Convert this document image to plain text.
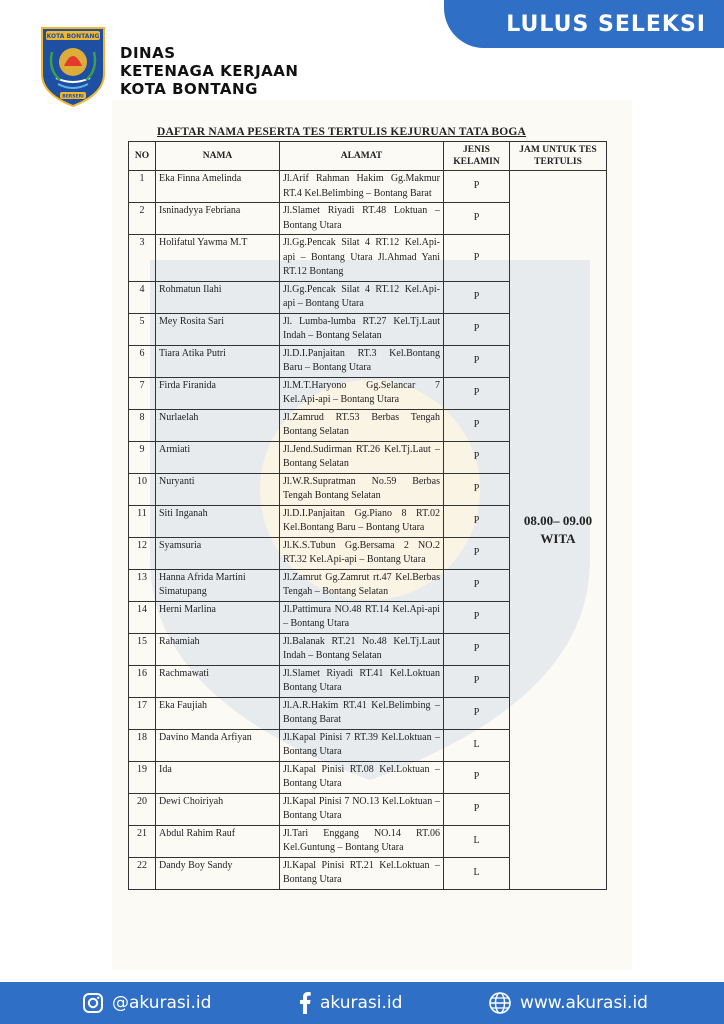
LULUS SELEKSI
KOTA BONTANG
BERSERI
DINAS
KETENAGA KERJAAN
KOTA BONTANG
DAFTAR NAMA PESERTA TES TERTULIS KEJURUAN TATA BOGA
NO	NAMA	ALAMAT	JENIS KELAMIN	JAM UNTUK TES TERTULIS
1	Eka Finna Amelinda	Jl.Arif Rahman Hakim Gg.Makmur RT.4 Kel.Belimbing – Bontang Barat	P	08.00– 09.00 WITA
2	Isninadyya Febriana	Jl.Slamet Riyadi RT.48 Loktuan – Bontang Utara	P	
3	Holifatul Yawma M.T	Jl.Gg.Pencak Silat 4 RT.12 Kel.Api-api – Bontang Utara Jl.Ahmad Yani RT.12 Bontang	P	
4	Rohmatun Ilahi	Jl.Gg.Pencak Silat 4 RT.12 Kel.Api-api – Bontang Utara	P	
5	Mey Rosita Sari	Jl. Lumba-lumba RT.27 Kel.Tj.Laut Indah – Bontang Selatan	P	
6	Tiara Atika Putri	Jl.D.I.Panjaitan RT.3 Kel.Bontang Baru – Bontang Utara	P	
7	Firda Firanida	Jl.M.T.Haryono Gg.Selancar 7 Kel.Api-api – Bontang Utara	P	
8	Nurlaelah	Jl.Zamrud RT.53 Berbas Tengah Bontang Selatan	P	
9	Armiati	Jl.Jend.Sudirman RT.26 Kel.Tj.Laut – Bontang Selatan	P	
10	Nuryanti	Jl.W.R.Supratman No.59 Berbas Tengah Bontang Selatan	P	
11	Siti Inganah	Jl.D.I.Panjaitan Gg.Piano 8 RT.02 Kel.Bontang Baru – Bontang Utara	P	
12	Syamsuria	Jl.K.S.Tubun Gg.Bersama 2 NO.2 RT.32 Kel.Api-api – Bontang Utara	P	
13	Hanna Afrida Martini Simatupang	Jl.Zamrut Gg.Zamrut rt.47 Kel.Berbas Tengah – Bontang Selatan	P	
14	Herni Marlina	Jl.Pattimura NO.48 RT.14 Kel.Api-api – Bontang Utara	P	
15	Rahamiah	Jl.Balanak RT.21 No.48 Kel.Tj.Laut Indah – Bontang Selatan	P	
16	Rachmawati	Jl.Slamet Riyadi RT.41 Kel.Loktuan Bontang Utara	P	
17	Eka Faujiah	Jl.A.R.Hakim RT.41 Kel.Belimbing – Bontang Barat	P	
18	Davino Manda Arfiyan	Jl.Kapal Pinisi 7 RT.39 Kel.Loktuan – Bontang Utara	L	
19	Ida	Jl.Kapal Pinisi RT.08 Kel.Loktuan – Bontang Utara	P	
20	Dewi Choiriyah	Jl.Kapal Pinisi 7 NO.13 Kel.Loktuan – Bontang Utara	P	
21	Abdul Rahim Rauf	Jl.Tari Enggang NO.14 RT.06 Kel.Guntung – Bontang Utara	L	
22	Dandy Boy Sandy	Jl.Kapal Pinisi RT.21 Kel.Loktuan – Bontang Utara	L	
@akurasi.id	akurasi.id	www.akurasi.id
